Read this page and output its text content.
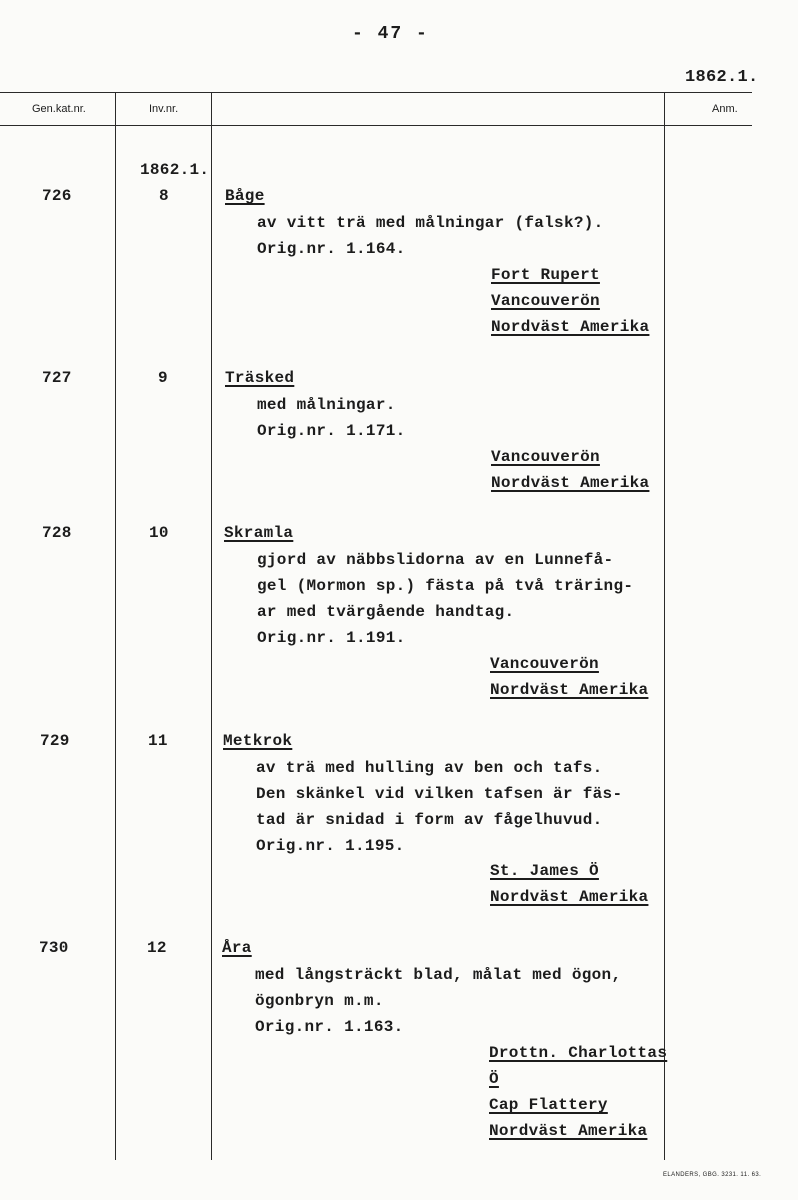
- 47 -
1862.1.
Gen.kat.nr.	Inv.nr.	Anm.
1862.1.
726	8	Båge
av vitt trä med målningar (falsk?).
Orig.nr. 1.164.
Fort Rupert
Vancouverön
Nordväst Amerika
727	9	Träsked
med målningar.
Orig.nr. 1.171.
Vancouverön
Nordväst Amerika
728	10	Skramla
gjord av näbbslidorna av en Lunnefå-
gel (Mormon sp.) fästa på två träring-
ar med tvärgående handtag.
Orig.nr. 1.191.
Vancouverön
Nordväst Amerika
729	11	Metkrok
av trä med hulling av ben och tafs.
Den skänkel vid vilken tafsen är fäs-
tad är snidad i form av fågelhuvud.
Orig.nr. 1.195.
St. James Ö
Nordväst Amerika
730	12	Åra
med långsträckt blad, målat med ögon,
ögonbryn m.m.
Orig.nr. 1.163.
Drottn. Charlottas
Ö
Cap Flattery
Nordväst Amerika
ELANDERS, GBG. 3231. 11. 63.
